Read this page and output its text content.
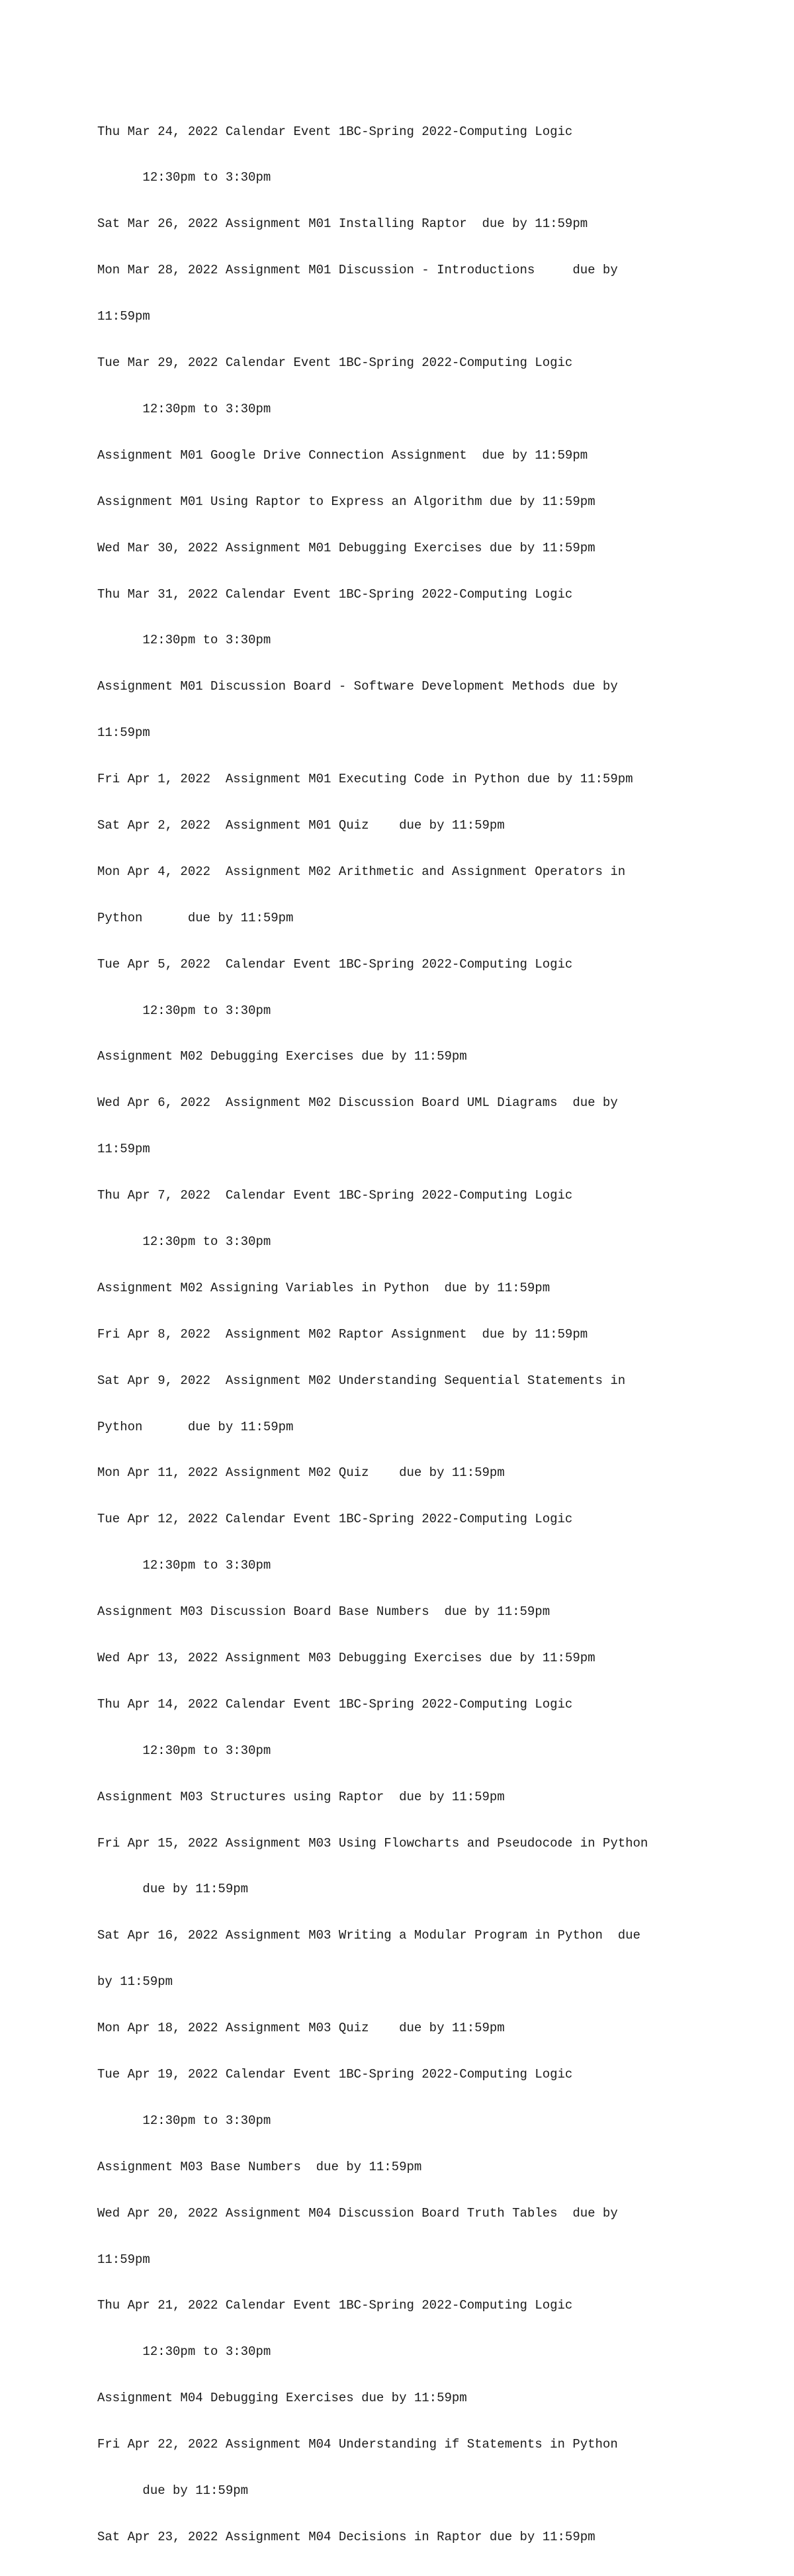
Thu Mar 24, 2022 Calendar Event 1BC-Spring 2022-Computing Logic

12:30pm to 3:30pm

Sat Mar 26, 2022 Assignment M01 Installing Raptor  due by 11:59pm

Mon Mar 28, 2022 Assignment M01 Discussion - Introductions     due by

11:59pm

Tue Mar 29, 2022 Calendar Event 1BC-Spring 2022-Computing Logic

12:30pm to 3:30pm

Assignment M01 Google Drive Connection Assignment  due by 11:59pm

Assignment M01 Using Raptor to Express an Algorithm due by 11:59pm

Wed Mar 30, 2022 Assignment M01 Debugging Exercises due by 11:59pm

Thu Mar 31, 2022 Calendar Event 1BC-Spring 2022-Computing Logic

12:30pm to 3:30pm

Assignment M01 Discussion Board - Software Development Methods due by

11:59pm

Fri Apr 1, 2022  Assignment M01 Executing Code in Python due by 11:59pm

Sat Apr 2, 2022  Assignment M01 Quiz    due by 11:59pm

Mon Apr 4, 2022  Assignment M02 Arithmetic and Assignment Operators in

Python      due by 11:59pm

Tue Apr 5, 2022  Calendar Event 1BC-Spring 2022-Computing Logic

12:30pm to 3:30pm

Assignment M02 Debugging Exercises due by 11:59pm

Wed Apr 6, 2022  Assignment M02 Discussion Board UML Diagrams  due by

11:59pm

Thu Apr 7, 2022  Calendar Event 1BC-Spring 2022-Computing Logic

12:30pm to 3:30pm

Assignment M02 Assigning Variables in Python  due by 11:59pm

Fri Apr 8, 2022  Assignment M02 Raptor Assignment  due by 11:59pm

Sat Apr 9, 2022  Assignment M02 Understanding Sequential Statements in

Python      due by 11:59pm

Mon Apr 11, 2022 Assignment M02 Quiz    due by 11:59pm

Tue Apr 12, 2022 Calendar Event 1BC-Spring 2022-Computing Logic

12:30pm to 3:30pm

Assignment M03 Discussion Board Base Numbers  due by 11:59pm

Wed Apr 13, 2022 Assignment M03 Debugging Exercises due by 11:59pm

Thu Apr 14, 2022 Calendar Event 1BC-Spring 2022-Computing Logic

12:30pm to 3:30pm

Assignment M03 Structures using Raptor  due by 11:59pm

Fri Apr 15, 2022 Assignment M03 Using Flowcharts and Pseudocode in Python

due by 11:59pm

Sat Apr 16, 2022 Assignment M03 Writing a Modular Program in Python  due

by 11:59pm

Mon Apr 18, 2022 Assignment M03 Quiz    due by 11:59pm

Tue Apr 19, 2022 Calendar Event 1BC-Spring 2022-Computing Logic

12:30pm to 3:30pm

Assignment M03 Base Numbers  due by 11:59pm

Wed Apr 20, 2022 Assignment M04 Discussion Board Truth Tables  due by

11:59pm

Thu Apr 21, 2022 Calendar Event 1BC-Spring 2022-Computing Logic

12:30pm to 3:30pm

Assignment M04 Debugging Exercises due by 11:59pm

Fri Apr 22, 2022 Assignment M04 Understanding if Statements in Python

due by 11:59pm

Sat Apr 23, 2022 Assignment M04 Decisions in Raptor due by 11:59pm
